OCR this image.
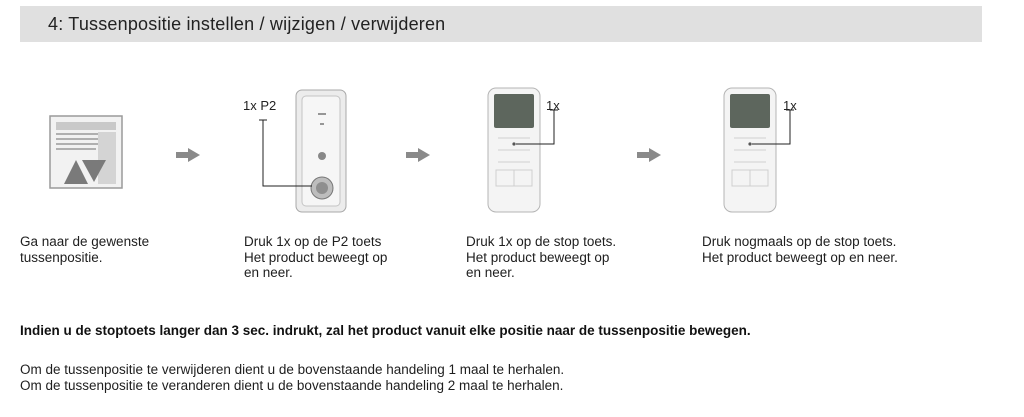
4: Tussenpositie instellen / wijzigen / verwijderen
Ga naar de gewenste
tussenpositie.
1x P2
Druk 1x op de P2 toets
Het product beweegt op
en neer.
1x
Druk 1x op de stop toets.
Het product beweegt op
en neer.
1x
Druk nogmaals op de stop toets.
Het product beweegt op en neer.
Indien u de stoptoets langer dan 3 sec. indrukt, zal het product vanuit elke positie naar de tussenpositie bewegen.
Om de tussenpositie te verwijderen dient u de bovenstaande handeling 1 maal te herhalen.
Om de tussenpositie te veranderen dient u de bovenstaande handeling 2 maal te herhalen.
